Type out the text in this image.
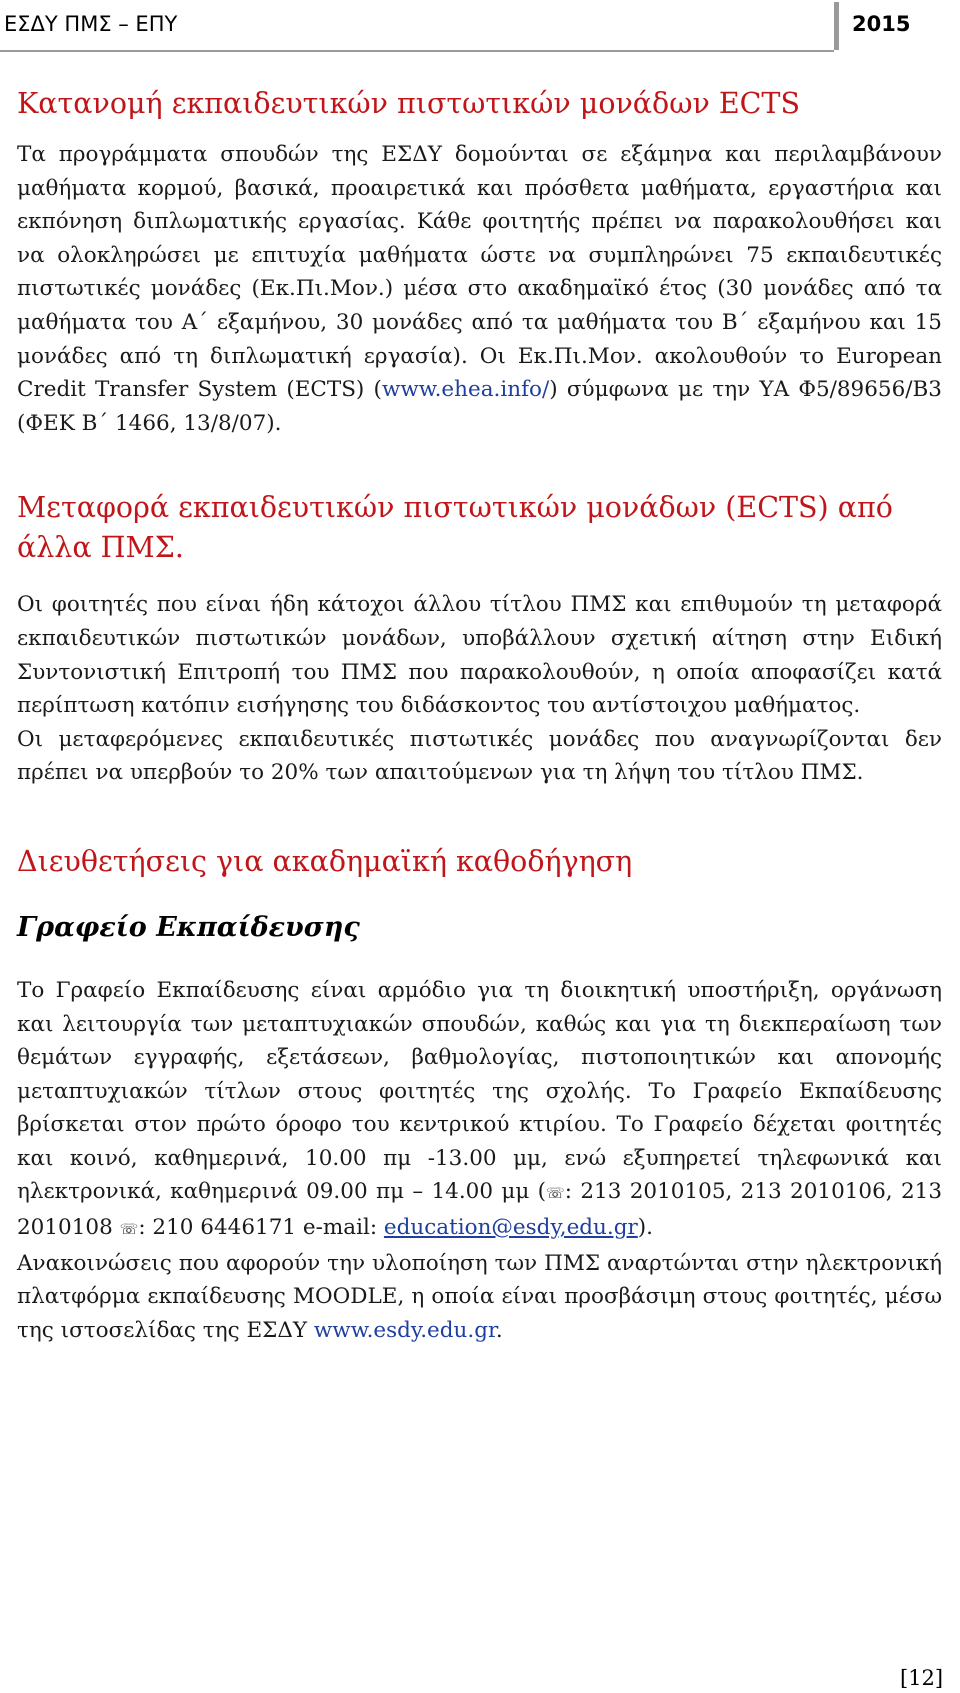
ΕΣΔΥ ΠΜΣ – ΕΠΥ	2015
Κατανομή εκπαιδευτικών πιστωτικών μονάδων ECTS

Τα προγράμματα σπουδών της ΕΣΔΥ δομούνται σε εξάμηνα και περιλαμβάνουν μαθήματα κορμού, βασικά, προαιρετικά και πρόσθετα μαθήματα, εργαστήρια και εκπόνηση διπλωματικής εργασίας. Κάθε φοιτητής πρέπει να παρακολουθήσει και να ολοκληρώσει με επιτυχία μαθήματα ώστε να συμπληρώνει 75 εκπαιδευτικές πιστωτικές μονάδες (Εκ.Πι.Μον.) μέσα στο ακαδημαϊκό έτος (30 μονάδες από τα μαθήματα του Α΄ εξαμήνου, 30 μονάδες από τα μαθήματα του Β΄ εξαμήνου και 15 μονάδες από τη διπλωματική εργασία). Οι Εκ.Πι.Μον. ακολουθούν το European Credit Transfer System (ECTS) (www.ehea.info/) σύμφωνα με την ΥΑ Φ5/89656/Β3 (ΦΕΚ Β΄ 1466, 13/8/07).

Μεταφορά εκπαιδευτικών πιστωτικών μονάδων (ECTS) από άλλα ΠΜΣ.

Οι φοιτητές που είναι ήδη κάτοχοι άλλου τίτλου ΠΜΣ και επιθυμούν τη μεταφορά εκπαιδευτικών πιστωτικών μονάδων, υποβάλλουν σχετική αίτηση στην Ειδική Συντονιστική Επιτροπή του ΠΜΣ που παρακολουθούν, η οποία αποφασίζει κατά περίπτωση κατόπιν εισήγησης του διδάσκοντος του αντίστοιχου μαθήματος.

Οι μεταφερόμενες εκπαιδευτικές πιστωτικές μονάδες που αναγνωρίζονται δεν πρέπει να υπερβούν το 20% των απαιτούμενων για τη λήψη του τίτλου ΠΜΣ.

Διευθετήσεις για ακαδημαϊκή καθοδήγηση
Γραφείο Εκπαίδευσης

Το Γραφείο Εκπαίδευσης είναι αρμόδιο για τη διοικητική υποστήριξη, οργάνωση και λειτουργία των μεταπτυχιακών σπουδών, καθώς και για τη διεκπεραίωση των θεμάτων εγγραφής, εξετάσεων, βαθμολογίας, πιστοποιητικών και απονομής μεταπτυχιακών τίτλων στους φοιτητές της σχολής. Το Γραφείο Εκπαίδευσης βρίσκεται στον πρώτο όροφο του κεντρικού κτιρίου. Το Γραφείο δέχεται φοιτητές και κοινό, καθημερινά, 10.00 πμ -13.00 μμ, ενώ εξυπηρετεί τηλεφωνικά και ηλεκτρονικά, καθημερινά 09.00 πμ – 14.00 μμ (☏: 213 2010105, 213 2010106, 213 2010108 ☏: 210 6446171 e-mail: education@esdy,edu.gr).

Ανακοινώσεις που αφορούν την υλοποίηση των ΠΜΣ αναρτώνται στην ηλεκτρονική πλατφόρμα εκπαίδευσης MOODLE, η οποία είναι προσβάσιμη στους φοιτητές, μέσω της ιστοσελίδας της ΕΣΔΥ www.esdy.edu.gr.

[12]
